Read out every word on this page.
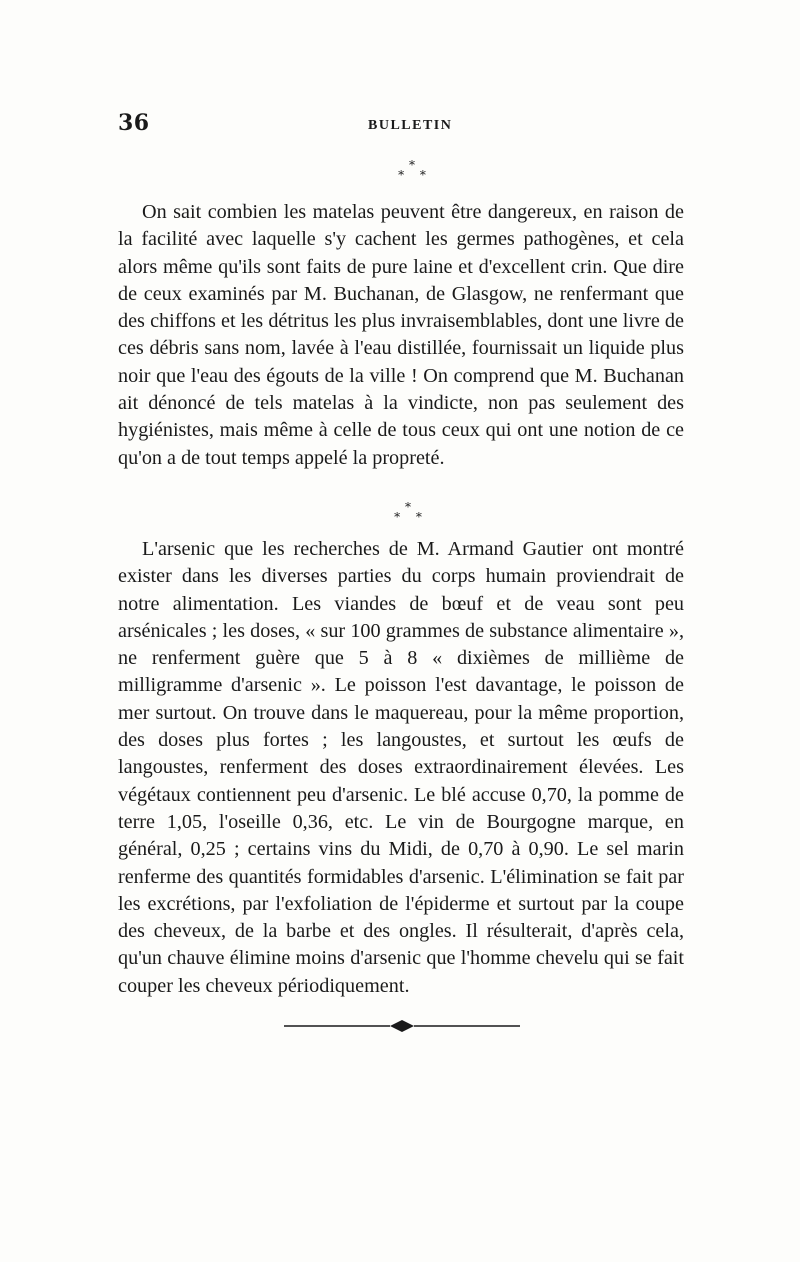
36	BULLETIN
*
* *

On sait combien les matelas peuvent être dangereux, en raison de la facilité avec laquelle s'y cachent les germes pathogènes, et cela alors même qu'ils sont faits de pure laine et d'excellent crin. Que dire de ceux examinés par M. Buchanan, de Glasgow, ne renfermant que des chiffons et les détritus les plus invraisemblables, dont une livre de ces débris sans nom, lavée à l'eau distillée, fournissait un liquide plus noir que l'eau des égouts de la ville ! On comprend que M. Buchanan ait dénoncé de tels matelas à la vindicte, non pas seulement des hygiénistes, mais même à celle de tous ceux qui ont une notion de ce qu'on a de tout temps appelé la propreté.

*
* *

L'arsenic que les recherches de M. Armand Gautier ont montré exister dans les diverses parties du corps humain proviendrait de notre alimentation. Les viandes de bœuf et de veau sont peu arsénicales ; les doses, « sur 100 grammes de substance alimentaire », ne renferment guère que 5 à 8 « dixièmes de millième de milligramme d'arsenic ». Le poisson l'est davantage, le poisson de mer surtout. On trouve dans le maquereau, pour la même proportion, des doses plus fortes ; les langoustes, et surtout les œufs de langoustes, renferment des doses extraordinairement élevées. Les végétaux contiennent peu d'arsenic. Le blé accuse 0,70, la pomme de terre 1,05, l'oseille 0,36, etc. Le vin de Bourgogne marque, en général, 0,25 ; certains vins du Midi, de 0,70 à 0,90. Le sel marin renferme des quantités formidables d'arsenic. L'élimination se fait par les excrétions, par l'exfoliation de l'épiderme et surtout par la coupe des cheveux, de la barbe et des ongles. Il résulterait, d'après cela, qu'un chauve élimine moins d'arsenic que l'homme chevelu qui se fait couper les cheveux périodiquement.
